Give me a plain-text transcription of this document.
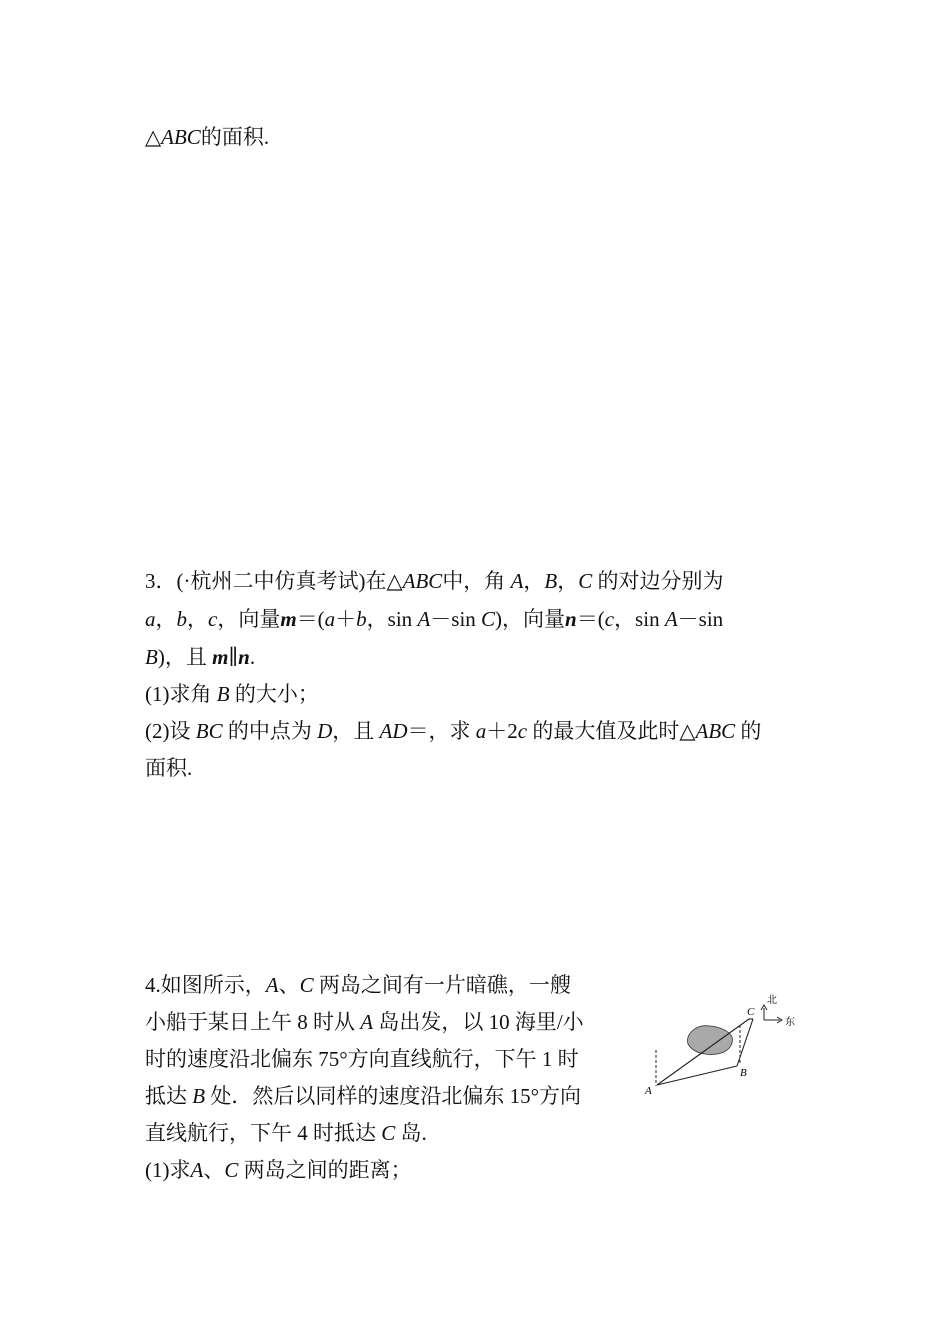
△ABC的面积.
3．(·杭州二中仿真考试)在△ABC中，角 A，B，C 的对边分别为
a，b，c，向量m＝(a＋b，sin A－sin C)，向量n＝(c，sin A－sin
B)，且 m∥n.
(1)求角 B 的大小；
(2)设 BC 的中点为 D，且 AD＝，求 a＋2c 的最大值及此时△ABC 的
面积.
4.如图所示，A、C 两岛之间有一片暗礁，一艘
小船于某日上午 8 时从 A 岛出发，以 10 海里/小
时的速度沿北偏东 75°方向直线航行，下午 1 时
抵达 B 处．然后以同样的速度沿北偏东 15°方向
直线航行，下午 4 时抵达 C 岛.
(1)求A、C 两岛之间的距离；
A
B
C
北
东
